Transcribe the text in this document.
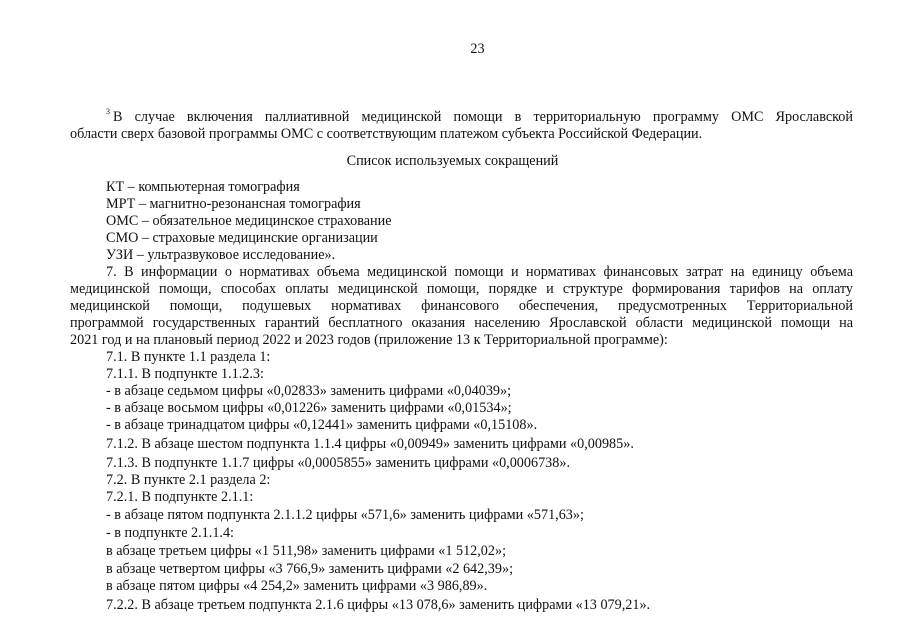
23
$^3$ В случае включения паллиативной медицинской помощи в территориальную программу ОМС Ярославской
области сверх базовой программы ОМС с соответствующим платежом субъекта Российской Федерации.
Список используемых сокращений
КТ – компьютерная томография
МРТ – магнитно-резонансная томография
ОМС – обязательное медицинское страхование
СМО – страховые медицинские организации
УЗИ – ультразвуковое исследование».
7. В информации о нормативах объема медицинской помощи и нормативах финансовых затрат на единицу объема
медицинской помощи, способах оплаты медицинской помощи, порядке и структуре формирования тарифов на оплату
медицинской помощи, подушевых нормативах финансового обеспечения, предусмотренных Территориальной
программой государственных гарантий бесплатного оказания населению Ярославской области медицинской помощи на
2021 год и на плановый период 2022 и 2023 годов (приложение 13 к Территориальной программе):
7.1. В пункте 1.1 раздела 1:
7.1.1. В подпункте 1.1.2.3:
- в абзаце седьмом цифры «0,02833» заменить цифрами «0,04039»;
- в абзаце восьмом цифры «0,01226» заменить цифрами «0,01534»;
- в абзаце тринадцатом цифры «0,12441» заменить цифрами «0,15108».
7.1.2. В абзаце шестом подпункта 1.1.4 цифры «0,00949» заменить цифрами «0,00985».
7.1.3. В подпункте 1.1.7 цифры «0,0005855» заменить цифрами «0,0006738».
7.2. В пункте 2.1 раздела 2:
7.2.1. В подпункте 2.1.1:
- в абзаце пятом подпункта 2.1.1.2 цифры «571,6» заменить цифрами «571,63»;
- в подпункте 2.1.1.4:
в абзаце третьем цифры «1 511,98» заменить цифрами «1 512,02»;
в абзаце четвертом цифры «3 766,9» заменить цифрами «2 642,39»;
в абзаце пятом цифры «4 254,2» заменить цифрами «3 986,89».
7.2.2. В абзаце третьем подпункта 2.1.6 цифры «13 078,6» заменить цифрами «13 079,21».
